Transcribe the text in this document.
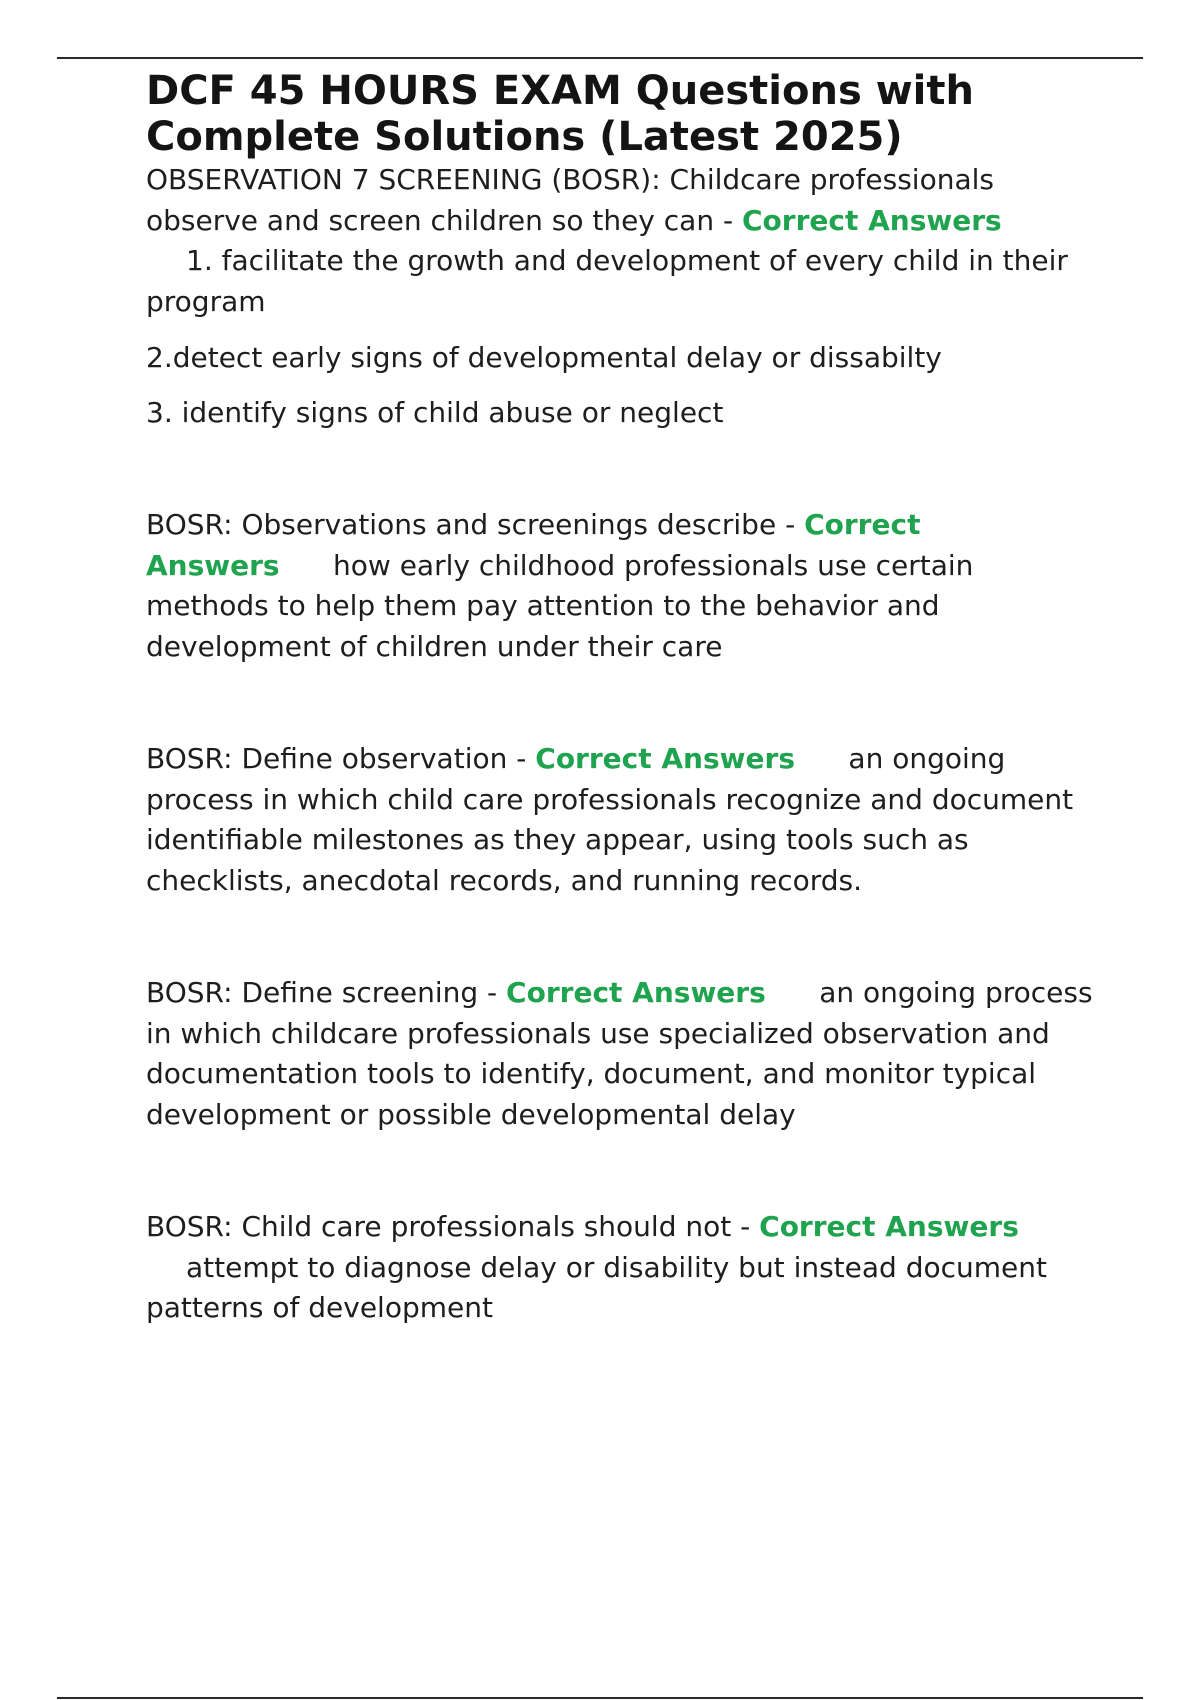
DCF 45 HOURS EXAM Questions with Complete Solutions (Latest 2025)
OBSERVATION 7 SCREENING (BOSR): Childcare professionals observe and screen children so they can - Correct Answers
1. facilitate the growth and development of every child in their program
2.detect early signs of developmental delay or dissabilty
3. identify signs of child abuse or neglect
BOSR: Observations and screenings describe - Correct Answers how early childhood professionals use certain methods to help them pay attention to the behavior and development of children under their care
BOSR: Define observation - Correct Answers an ongoing process in which child care professionals recognize and document identifiable milestones as they appear, using tools such as checklists, anecdotal records, and running records.
BOSR: Define screening - Correct Answers an ongoing process in which childcare professionals use specialized observation and documentation tools to identify, document, and monitor typical development or possible developmental delay
BOSR: Child care professionals should not - Correct Answers
attempt to diagnose delay or disability but instead document patterns of development
